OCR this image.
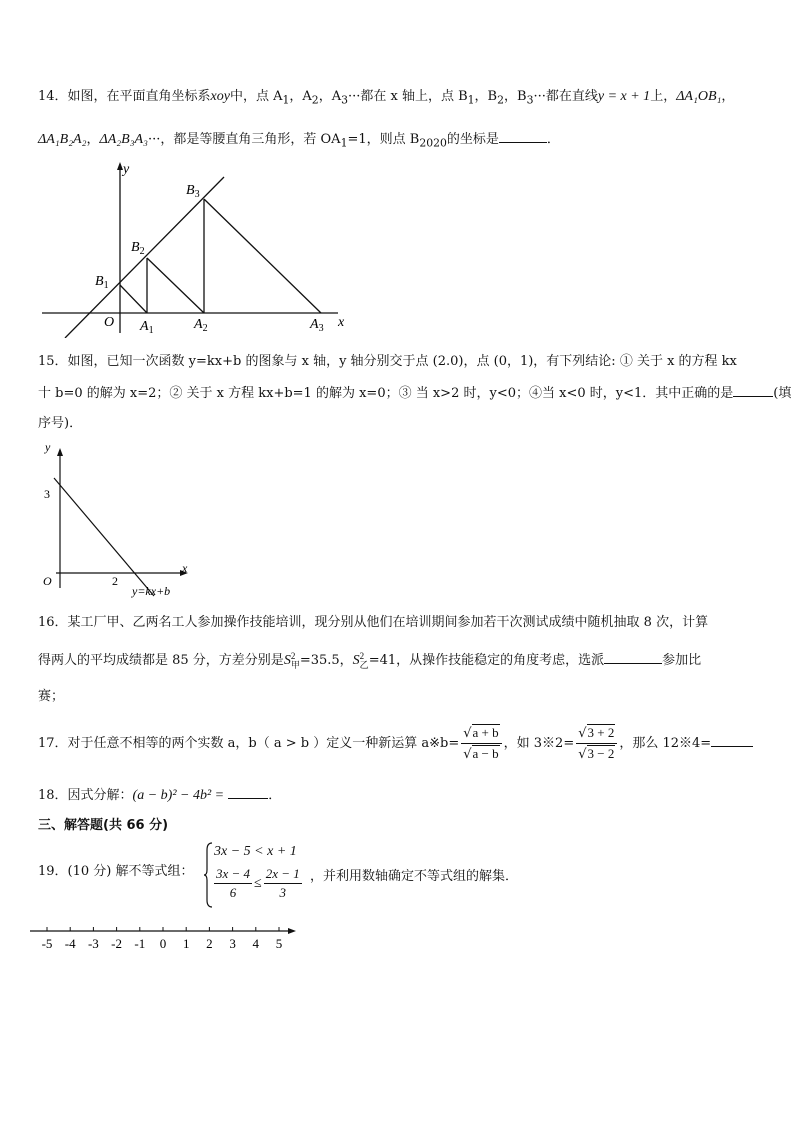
14．如图，在平面直角坐标系xoy中，点 $A_1$，$A_2$，$A_3\cdot\cdot\cdot$都在 x 轴上，点 $B_1$，$B_2$，$B_3\cdot\cdot\cdot$都在直线y = x + 1上，ΔA₁OB₁，
ΔA₁B₂A₂，ΔA₂B₃A₃···，都是等腰直角三角形，若 $OA_1=1$，则点 $B_{2020}$的坐标是	．
y
x
O
$B_1$
$B_2$
$B_3$
$A_1$	$A_2$	$A_3$
15．如图，已知一次函数 y=kx+b 的图象与 x 轴，y 轴分别交于点 (2.0)，点 (0，1)，有下列结论: ① 关于 x 的方程 kx
十 b=0 的解为 x=2；② 关于 x 方程 kx+b=1 的解为 x=0；③ 当 x>2 时，y<0；④当 x<0 时，y<1．其中正确的是	(填
序号)．
y
x
O
3
2
y=kx+b
16．某工厂甲、乙两名工人参加操作技能培训，现分别从他们在培训期间参加若干次测试成绩中随机抽取 8 次，计算
得两人的平均成绩都是 85 分，方差分别是S 2
甲 =35.5，S 2
乙 =41，从操作技能稳定的角度考虑，选派	参加比
赛；
17．对于任意不相等的两个实数 a，b（ a > b ）定义一种新运算 a※b= $\frac{√a + b}{√a - b}$ ，如 3※2= $\frac{√3 + 2}{√3 - 2}$ ，那么 12※4=
18．因式分解：(a − b)² − 4b² =	．
三、解答题(共 66 分)
19．(10 分) 解不等式组：
3x − 5 < x + 1
$\frac{3x - 4}{6} \le \frac{2x - 1}{3}$ ，并利用数轴确定不等式组的解集．
-5 -4 -3 -2 -1 0 1 2 3 4 5
